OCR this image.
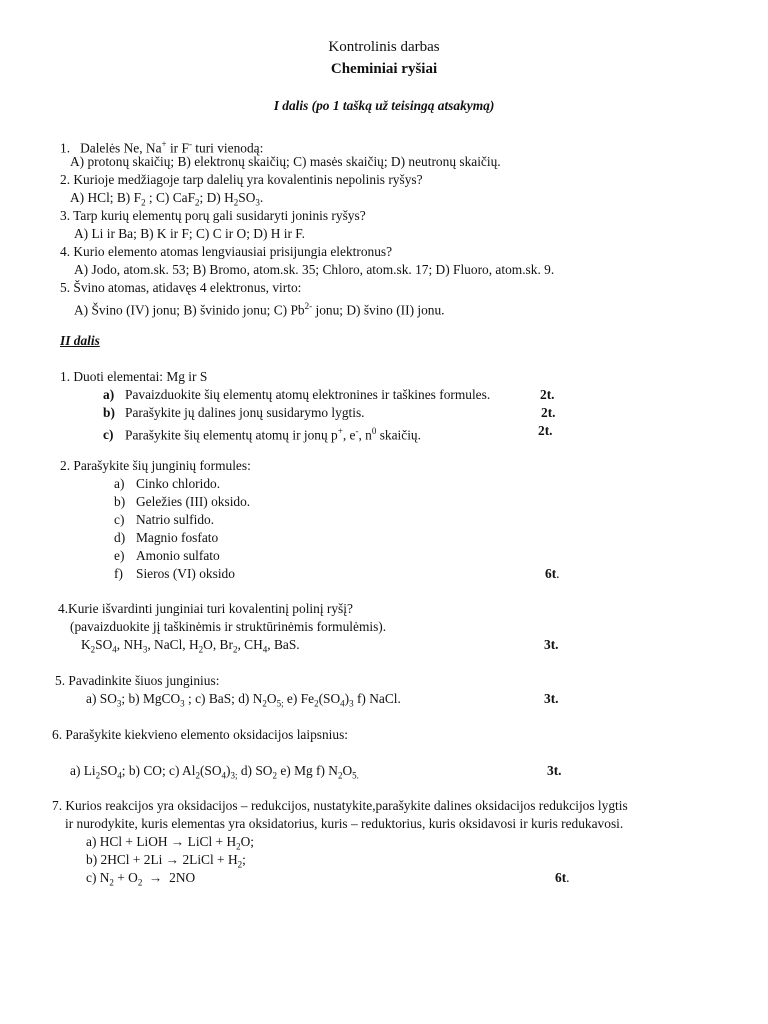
Kontrolinis darbas
Cheminiai ryšiai
I dalis (po 1 tašką už teisingą atsakymą)
1. Dalelės Ne, Na+ ir F- turi vienodą:
A) protonų skaičių; B) elektronų skaičių; C) masės skaičių; D) neutronų skaičių.
2. Kurioje medžiagoje tarp dalelių yra kovalentinis nepolinis ryšys?
A) HCl; B) $F_2$ ; C) CaF$_2$; D) $H_2SO_3$.
3. Tarp kurių elementų porų gali susidaryti joninis ryšys?
A) Li ir Ba; B) K ir F; C) C ir O; D) H ir F.
4. Kurio elemento atomas lengviausiai prisijungia elektronus?
A) Jodo, atom.sk. 53; B) Bromo, atom.sk. 35; Chloro, atom.sk. 17; D) Fluoro, atom.sk. 9.
5. Švino atomas, atidavęs 4 elektronus, virto:
A) Švino (IV) jonu; B) švinido jonu; C) $Pb^{2-}$ jonu; D) švino (II) jonu.
II dalis
1. Duoti elementai: Mg ir S
a) Pavaizduokite šių elementų atomų elektronines ir taškines formules.	2t.
b) Parašykite jų dalines jonų susidarymo lygtis.	2t.
c) Parašykite šių elementų atomų ir jonų p+, e-, $n^0$ skaičių.	2t.
2. Parašykite šių junginių formules:
a) Cinko chlorido.
b) Geležies (III) oksido.
c) Natrio sulfido.
d) Magnio fosfato
e) Amonio sulfato
f) Sieros (VI) oksido	6t.
4.Kurie išvardinti junginiai turi kovalentinį polinį ryšį?
(pavaizduokite jį taškinėmis ir struktūrinėmis formulėmis).
$K_2SO_4$, $NH_3$, NaCl, $H_2O$, $Br_2$, $CH_4$, BaS.	3t.
5. Pavadinkite šiuos junginius:
a) $SO_3$; b) MgCO$_3$ ; c) BaS; d) $N_2O_{5;}$ e) $Fe_2(SO_4)_3$ f) NaCl.	3t.
6. Parašykite kiekvieno elemento oksidacijos laipsnius:
a) $Li_2SO_4$; b) CO; c) $Al_2(SO_4)_{3;}$ d) $SO_2$ e) Mg f) $N_2O_{5.}$	3t.
7. Kurios reakcijos yra oksidacijos – redukcijos, nustatykite,parašykite dalines oksidacijos redukcijos lygtis
ir nurodykite, kuris elementas yra oksidatorius, kuris – reduktorius, kuris oksidavosi ir kuris redukavosi.
a) HCl + LiOH → LiCl + $H_2O$;
b) 2HCl + 2Li → 2LiCl + $H_2$;
c) $N_2 + O_2 \to 2NO$	6t.
